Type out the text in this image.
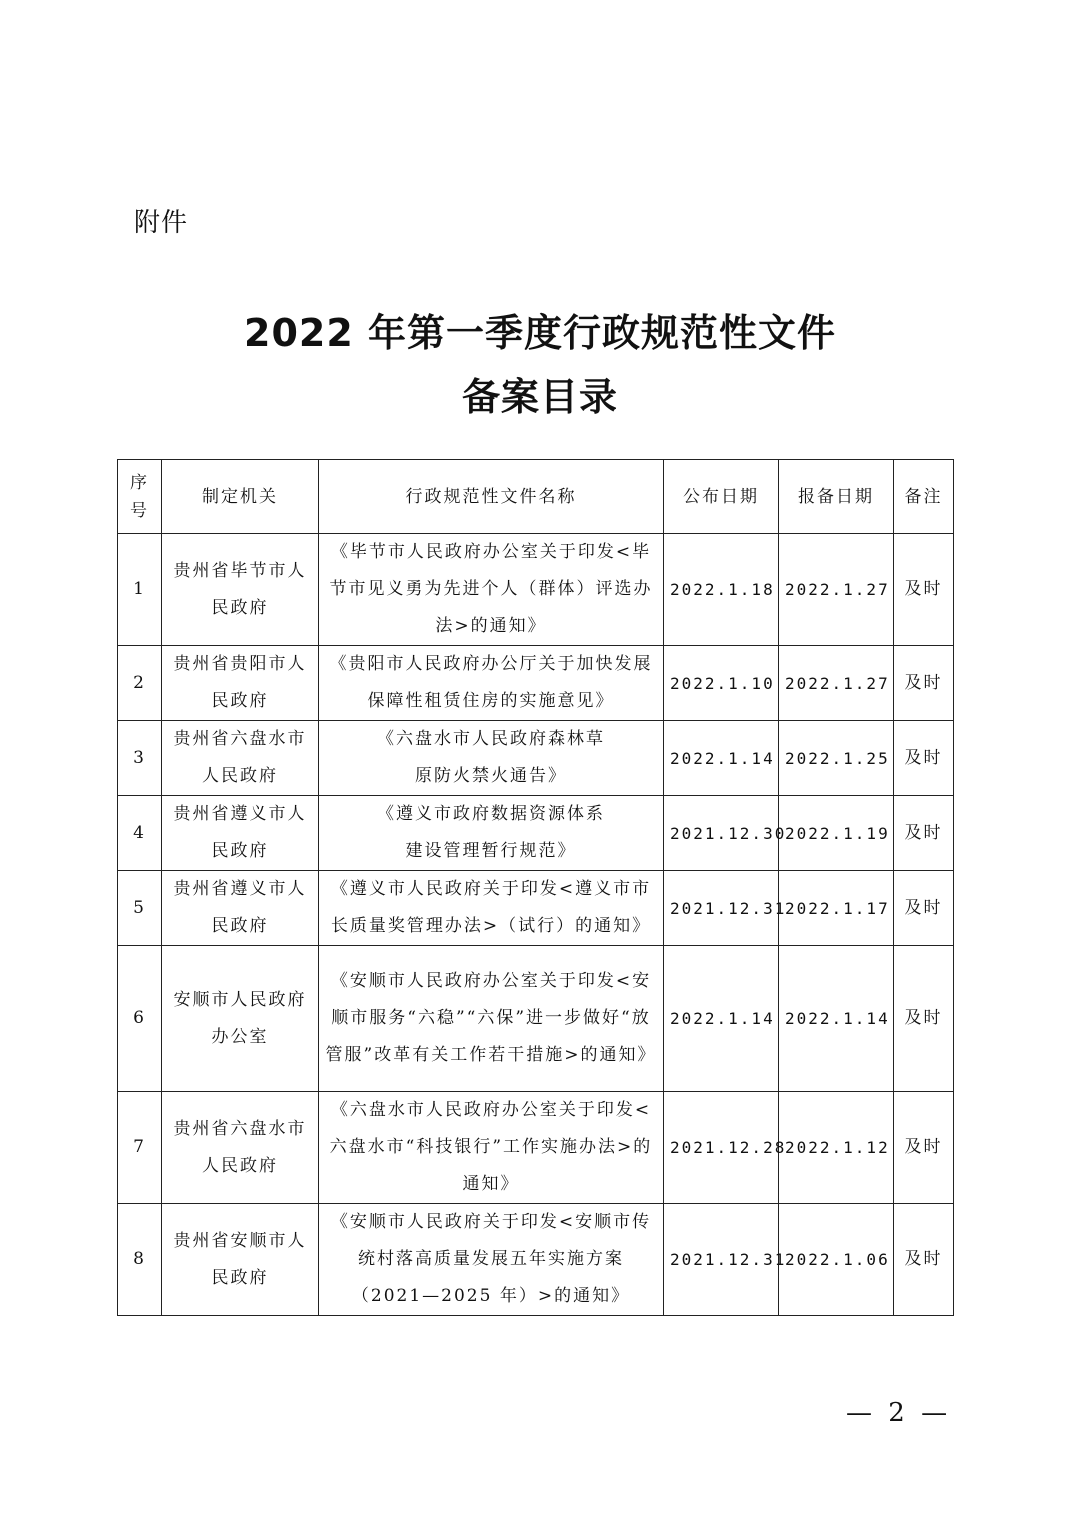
附件
2022 年第一季度行政规范性文件
备案目录
序号	制定机关	行政规范性文件名称	公布日期	报备日期	备注
1	贵州省毕节市人民政府	《毕节市人民政府办公室关于印发<毕节市见义勇为先进个人（群体）评选办法>的通知》	2022.1.18	2022.1.27	及时
2	贵州省贵阳市人民政府	《贵阳市人民政府办公厅关于加快发展保障性租赁住房的实施意见》	2022.1.10	2022.1.27	及时
3	贵州省六盘水市人民政府	《六盘水市人民政府森林草原防火禁火通告》	2022.1.14	2022.1.25	及时
4	贵州省遵义市人民政府	《遵义市政府数据资源体系建设管理暂行规范》	2021.12.30	2022.1.19	及时
5	贵州省遵义市人民政府	《遵义市人民政府关于印发<遵义市市长质量奖管理办法>（试行）的通知》	2021.12.31	2022.1.17	及时
6	安顺市人民政府办公室	《安顺市人民政府办公室关于印发<安顺市服务“六稳”“六保”进一步做好“放管服”改革有关工作若干措施>的通知》	2022.1.14	2022.1.14	及时
7	贵州省六盘水市人民政府	《六盘水市人民政府办公室关于印发<六盘水市“科技银行”工作实施办法>的通知》	2021.12.28	2022.1.12	及时
8	贵州省安顺市人民政府	《安顺市人民政府关于印发<安顺市传统村落高质量发展五年实施方案（2021—2025 年）>的通知》	2021.12.31	2022.1.06	及时
— 2 —
